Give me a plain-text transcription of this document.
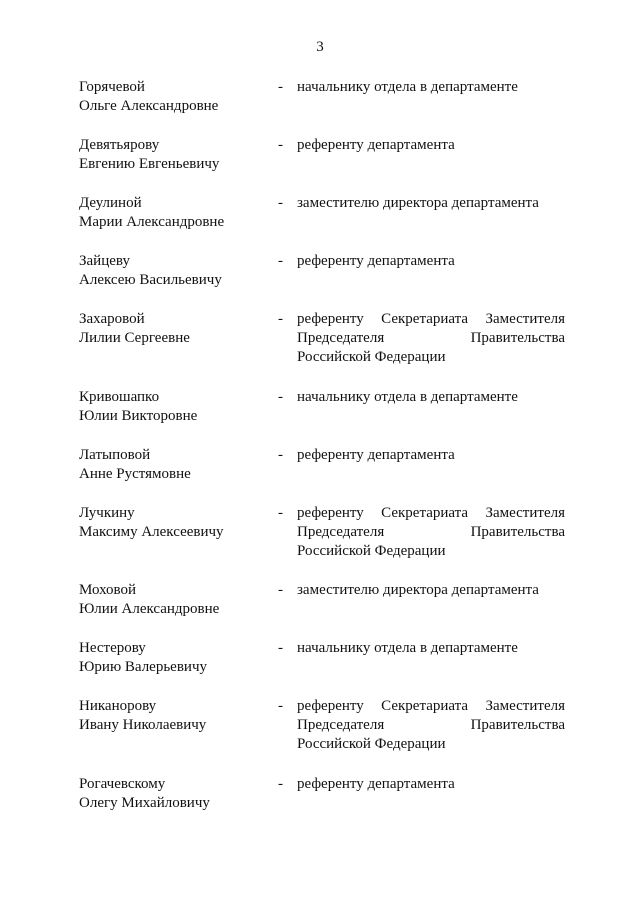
3
Горячевой
Ольге Александровне
- начальнику отдела в департаменте
Девятьярову
Евгению Евгеньевичу
- референту департамента
Деулиной
Марии Александровне
- заместителю директора департамента
Зайцеву
Алексею Васильевичу
- референту департамента
Захаровой
Лилии Сергеевне
- референту Секретариата Заместителя
Председателя Правительства
Российской Федерации
Кривошапко
Юлии Викторовне
- начальнику отдела в департаменте
Латыповой
Анне Рустямовне
- референту департамента
Лучкину
Максиму Алексеевичу
- референту Секретариата Заместителя
Председателя Правительства
Российской Федерации
Моховой
Юлии Александровне
- заместителю директора департамента
Нестерову
Юрию Валерьевичу
- начальнику отдела в департаменте
Никанорову
Ивану Николаевичу
- референту Секретариата Заместителя
Председателя Правительства
Российской Федерации
Рогачевскому
Олегу Михайловичу
- референту департамента
